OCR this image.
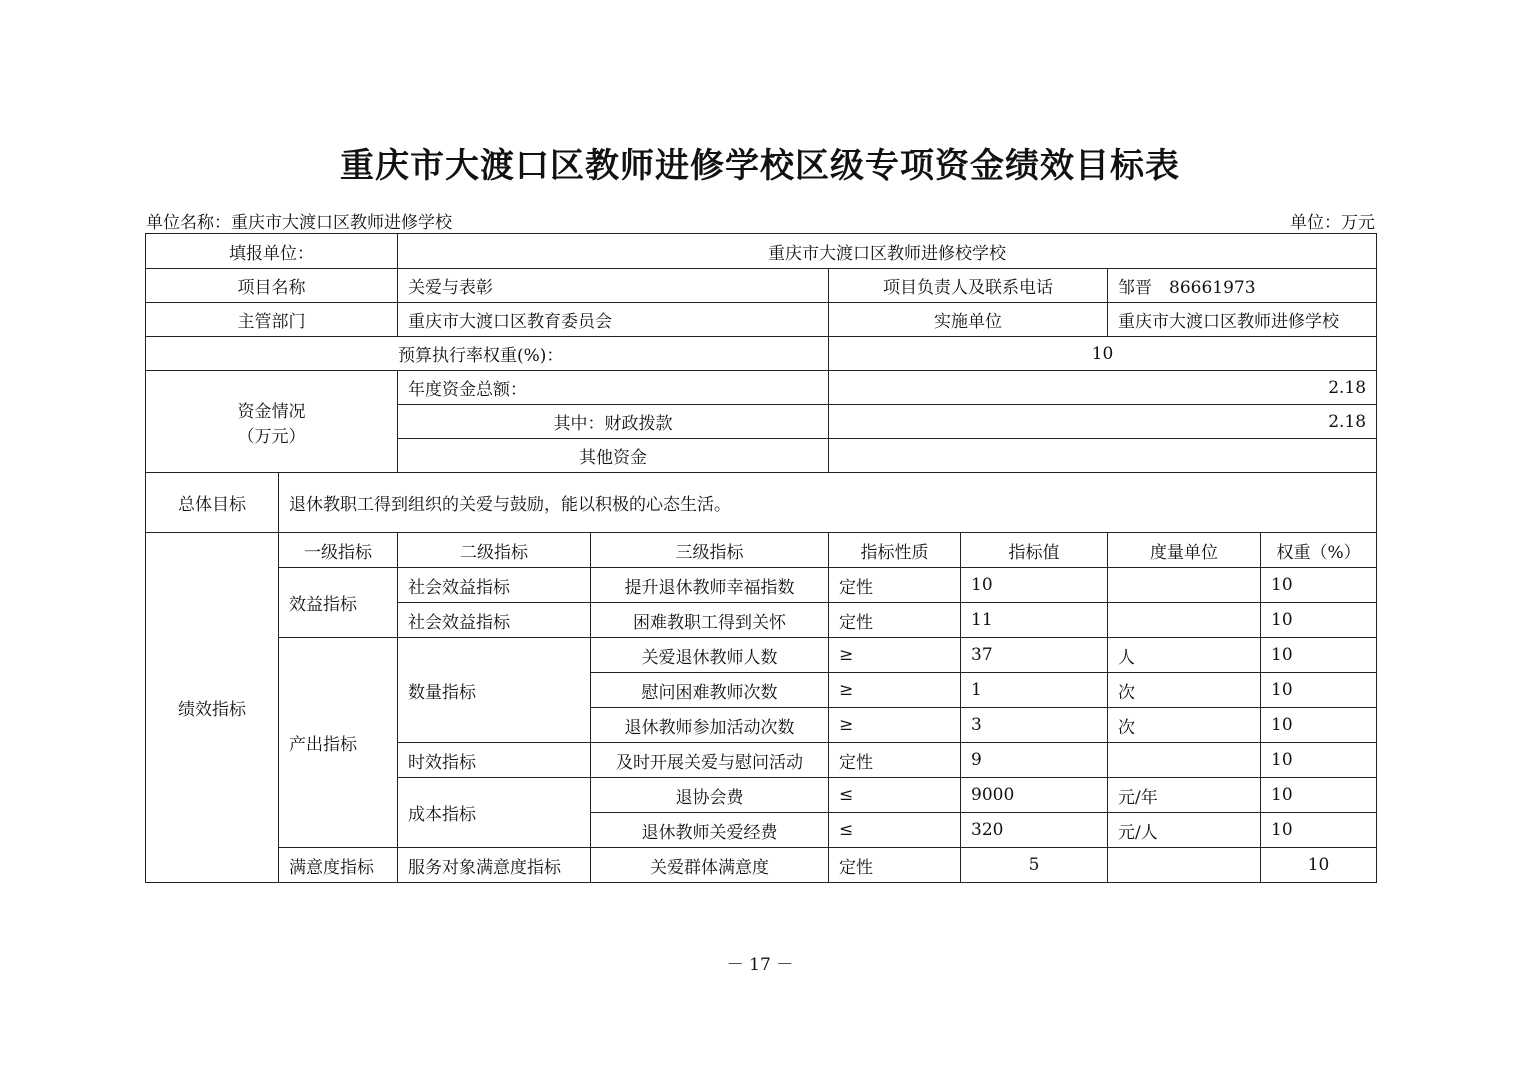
重庆市大渡口区教师进修学校区级专项资金绩效目标表
单位名称：重庆市大渡口区教师进修学校	单位：万元
填报单位：		重庆市大渡口区教师进修校学校					
项目名称		关爱与表彰		项目负责人及联系电话		邹晋　86661973	
主管部门		重庆市大渡口区教育委员会		实施单位		重庆市大渡口区教师进修学校	
预算执行率权重(%)：				10			

资金情况
（万元）		年度资金总额：		2.18			
		其中：财政拨款		2.18			
		其他资金					
总体目标	退休教职工得到组织的关爱与鼓励，能以积极的心态生活。						
绩效指标	一级指标	二级指标	三级指标	指标性质	指标值	度量单位	权重（%）
	效益指标	社会效益指标	提升退休教师幸福指数	定性	10		10
		社会效益指标	困难教职工得到关怀	定性	11		10
	产出指标	数量指标	关爱退休教师人数	≥	37	人	10
			慰问困难教师次数	≥	1	次	10
			退休教师参加活动次数	≥	3	次	10
		时效指标	及时开展关爱与慰问活动	定性	9		10
		成本指标	退协会费	≤	9000	元/年	10
			退休教师关爱经费	≤	320	元/人	10
	满意度指标	服务对象满意度指标	关爱群体满意度	定性	5		10
－ 17 －
